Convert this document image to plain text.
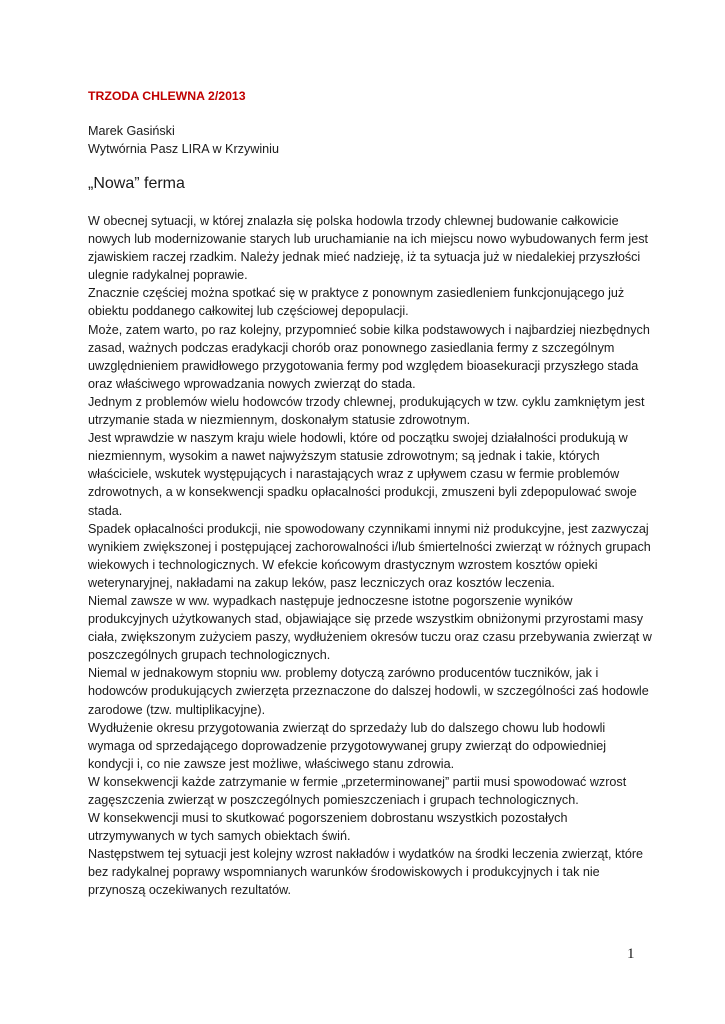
TRZODA CHLEWNA 2/2013
Marek Gasiński
Wytwórnia Pasz LIRA w Krzywiniu
„Nowa” ferma

W obecnej sytuacji, w której znalazła się polska hodowla trzody chlewnej budowanie całkowicie nowych lub modernizowanie starych lub uruchamianie na ich miejscu nowo wybudowanych ferm jest zjawiskiem raczej rzadkim. Należy jednak mieć nadzieję, iż ta sytuacja już w niedalekiej przyszłości ulegnie radykalnej poprawie.

Znacznie częściej można spotkać się w praktyce z ponownym zasiedleniem funkcjonującego już obiektu poddanego całkowitej lub częściowej depopulacji.

Może, zatem warto, po raz kolejny, przypomnieć sobie kilka podstawowych i najbardziej niezbędnych zasad, ważnych podczas eradykacji chorób oraz ponownego zasiedlania fermy z szczególnym uwzględnieniem prawidłowego przygotowania fermy pod względem bioasekuracji przyszłego stada oraz właściwego wprowadzania nowych zwierząt do stada.

Jednym z problemów wielu hodowców trzody chlewnej, produkujących w tzw. cyklu zamkniętym jest utrzymanie stada w niezmiennym, doskonałym statusie zdrowotnym.

Jest wprawdzie w naszym kraju wiele hodowli, które od początku swojej działalności produkują w niezmiennym, wysokim a nawet najwyższym statusie zdrowotnym; są jednak i takie, których właściciele, wskutek występujących i narastających wraz z upływem czasu w fermie problemów zdrowotnych, a w konsekwencji spadku opłacalności produkcji, zmuszeni byli zdepopulować swoje stada.

Spadek opłacalności produkcji, nie spowodowany czynnikami innymi niż produkcyjne, jest zazwyczaj wynikiem zwiększonej i postępującej zachorowalności i/lub śmiertelności zwierząt w różnych grupach wiekowych i technologicznych. W efekcie końcowym drastycznym wzrostem kosztów opieki weterynaryjnej, nakładami na zakup leków, pasz leczniczych oraz kosztów leczenia.

Niemal zawsze w ww. wypadkach następuje jednoczesne istotne pogorszenie wyników produkcyjnych użytkowanych stad, objawiające się przede wszystkim obniżonymi przyrostami masy ciała, zwiększonym zużyciem paszy, wydłużeniem okresów tuczu oraz czasu przebywania zwierząt w poszczególnych grupach technologicznych.

Niemal w jednakowym stopniu ww. problemy dotyczą zarówno producentów tuczników, jak i hodowców produkujących zwierzęta przeznaczone do dalszej hodowli, w szczególności zaś hodowle zarodowe (tzw. multiplikacyjne).

Wydłużenie okresu przygotowania zwierząt do sprzedaży lub do dalszego chowu lub hodowli wymaga od sprzedającego doprowadzenie przygotowywanej grupy zwierząt do odpowiedniej kondycji i, co nie zawsze jest możliwe, właściwego stanu zdrowia.

W konsekwencji każde zatrzymanie w fermie „przeterminowanej” partii musi spowodować wzrost zagęszczenia zwierząt w poszczególnych pomieszczeniach i grupach technologicznych.

W konsekwencji musi to skutkować pogorszeniem dobrostanu wszystkich pozostałych utrzymywanych w tych samych obiektach świń.

Następstwem tej sytuacji jest kolejny wzrost nakładów i wydatków na środki leczenia zwierząt, które bez radykalnej poprawy wspomnianych warunków środowiskowych i produkcyjnych i tak nie przynoszą oczekiwanych rezultatów.

1
